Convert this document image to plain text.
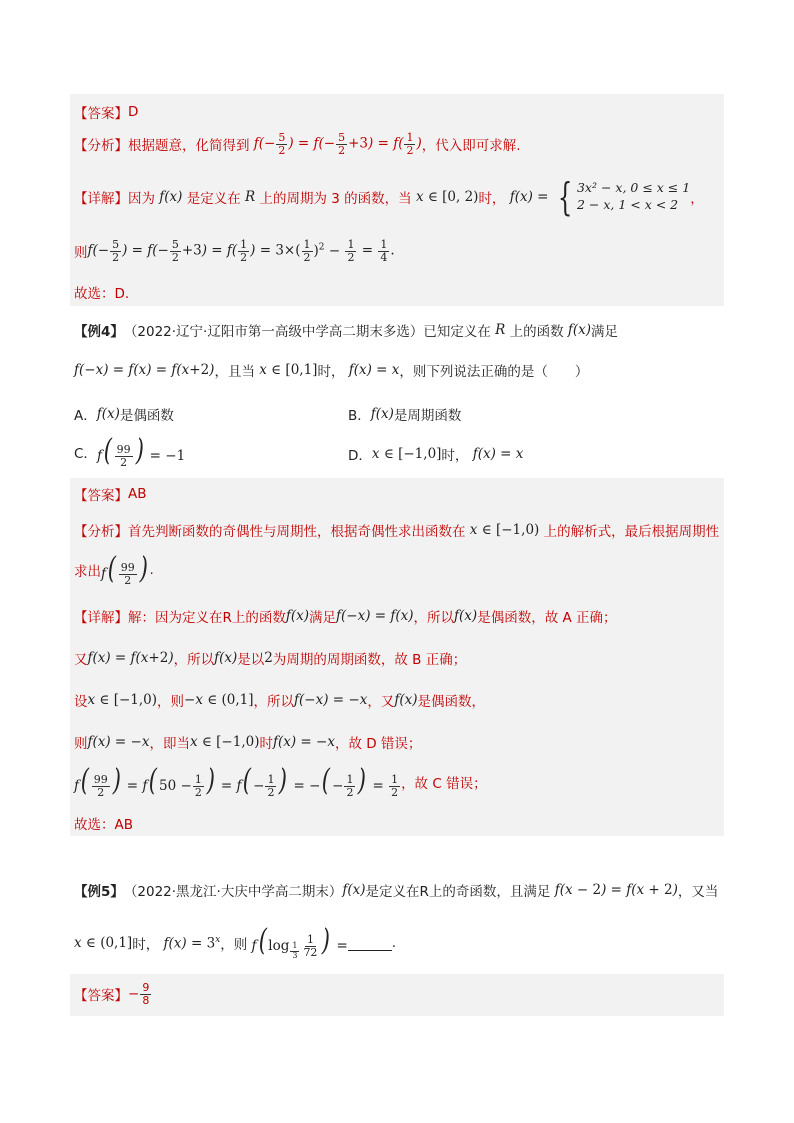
【答案】 D
【分析】 根据题意，化简得到 $f(- \frac{5}{2}$ ) = $f(- \frac{5}{2} +3) = f( \frac{1}{2}$ ) ，代入即可求解.
【详解】 因为 f(x) 是定义在 R 上的周期为 3 的函数，当 x ∈ [0, 2) 时， f(x) = { 3x² − x, 0 ≤ x ≤ 1
2 − x, 1 < x < 2 ，
则 $f(- \frac{5}{2}$ ) = $f(- \frac{5}{2} +3) = f( \frac{1}{2}$ ) = $3\times( \frac{1}{2} )^2 - \frac{1}{2} = \frac{1}{4}$ .
故选：D.
【例4】 （2022·辽宁·辽阳市第一高级中学高二期末多选）已知定义在 R 上的函数 f(x) 满足
f(−x) = f(x) = f(x+2) ，且当 x ∈ [0,1] 时， f(x) = x ，则下列说法正确的是（　　）
A． f(x) 是偶函数	B． f(x) 是周期函数
C． $f( \frac{99}{2}$ ) = −1	D． x ∈ [−1,0] 时， f(x) = x
【答案】 AB
【分析】 首先判断函数的奇偶性与周期性，根据奇偶性求出函数在 x ∈ [−1,0) 上的解析式，最后根据周期性
求出 $f( \frac{99}{2}$ ) .
【详解】 解：因为定义在R上的函数 f(x) 满足 f(−x) = f(x) ，所以 f(x) 是偶函数，故 A 正确；
又 f(x) = f(x+2) ，所以 f(x) 是以 2 为周期的周期函数，故 B 正确；
设 x ∈ [−1,0) ，则 −x ∈ (0,1] ，所以 f(−x) = −x ，又 f(x) 是偶函数，
则 f(x) = −x ，即当 x ∈ [−1,0) 时 f(x) = −x ，故 D 错误；
$f( \frac{99}{2}$ ) = f( $50 - \frac{1}{2}$ ) = $f( - \frac{1}{2}$ ) = −( − $\frac{1}{2}$ ) = $\frac{1}{2}$ ，故 C 错误；
故选：AB
【例5】 （2022·黑龙江·大庆中学高二期末） f(x) 是定义在R上的奇函数，且满足 f(x − 2) = f(x + 2) ，又当
x ∈ (0,1] 时， $f(x) = 3^x$ ，则 f( $\log _{\frac{1}{3}} \frac{1}{72}$ ) =	.
【答案】 − $\frac{9}{8}$
